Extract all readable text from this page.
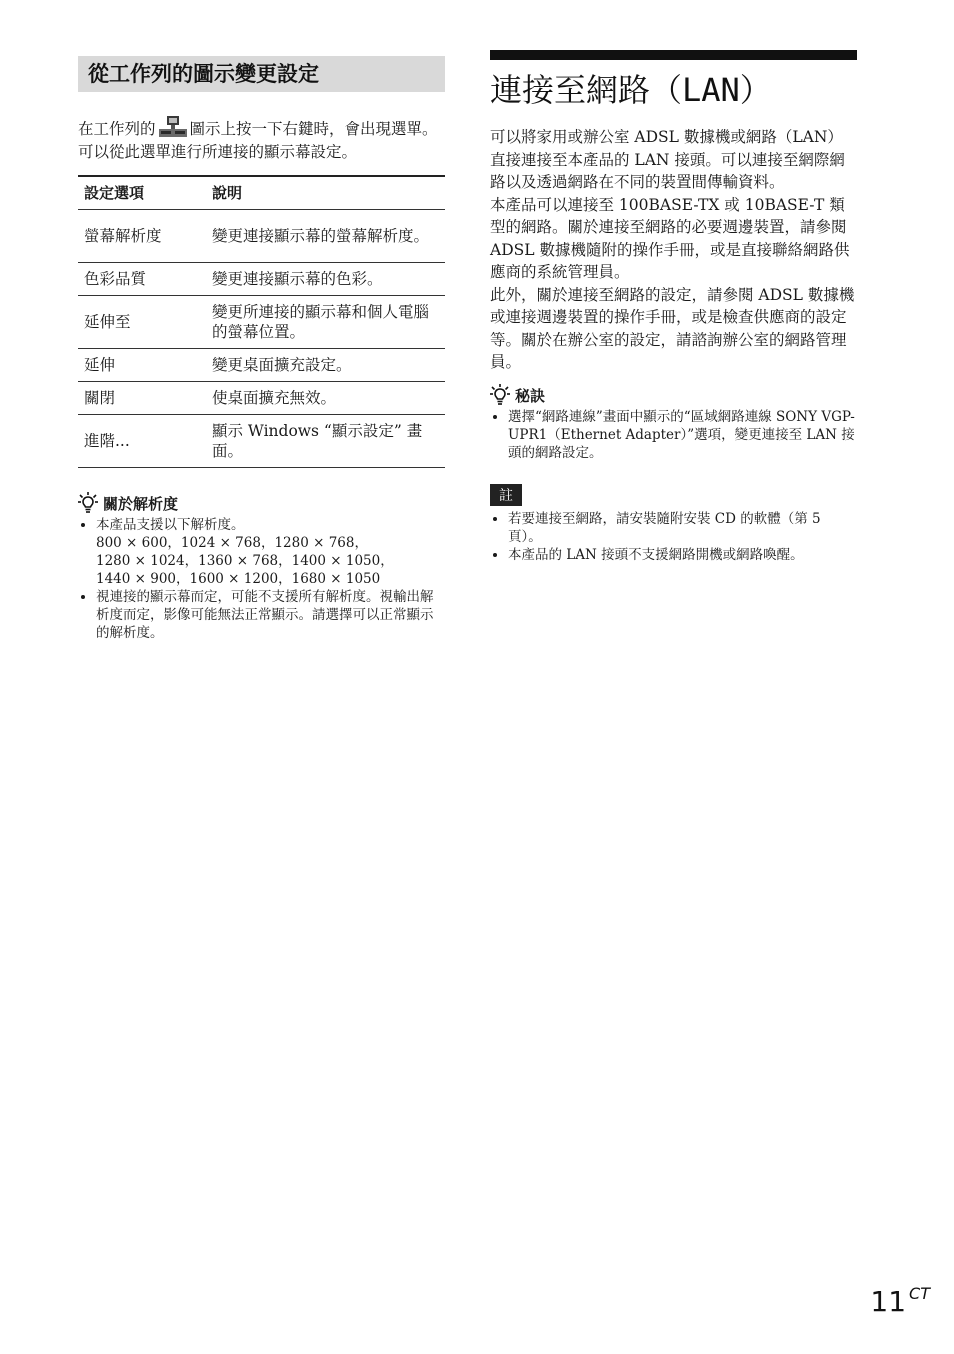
從工作列的圖示變更設定

在工作列的 圖示上按一下右鍵時，會出現選單。可以從此選單進行所連接的顯示幕設定。

設定選項	說明
螢幕解析度	變更連接顯示幕的螢幕解析度。
色彩品質	變更連接顯示幕的色彩。
延伸至	變更所連接的顯示幕和個人電腦的螢幕位置。
延伸	變更桌面擴充設定。
關閉	使桌面擴充無效。
進階...	顯示 Windows “顯示設定” 畫面。
關於解析度
• 本產品支援以下解析度。
800 × 600，1024 × 768，1280 × 768，
1280 × 1024，1360 × 768，1400 × 1050，
1440 × 900，1600 × 1200，1680 × 1050
• 視連接的顯示幕而定，可能不支援所有解析度。視輸出解析度而定，影像可能無法正常顯示。請選擇可以正常顯示的解析度。
連接至網路（LAN）

可以將家用或辦公室 ADSL 數據機或網路（LAN）直接連接至本產品的 LAN 接頭。可以連接至網際網路以及透過網路在不同的裝置間傳輸資料。

本產品可以連接至 100BASE-TX 或 10BASE-T 類型的網路。關於連接至網路的必要週邊裝置，請參閱 ADSL 數據機隨附的操作手冊，或是直接聯絡網路供應商的系統管理員。

此外，關於連接至網路的設定，請參閱 ADSL 數據機或連接週邊裝置的操作手冊，或是檢查供應商的設定等。關於在辦公室的設定，請諮詢辦公室的網路管理員。

秘訣
• 選擇“網路連線”畫面中顯示的“區域網路連線 SONY VGP-UPR1（Ethernet Adapter）”選項，變更連接至 LAN 接頭的網路設定。
註
• 若要連接至網路，請安裝隨附安裝 CD 的軟體（第 5 頁）。
• 本產品的 LAN 接頭不支援網路開機或網路喚醒。
11 $^{CT}$
